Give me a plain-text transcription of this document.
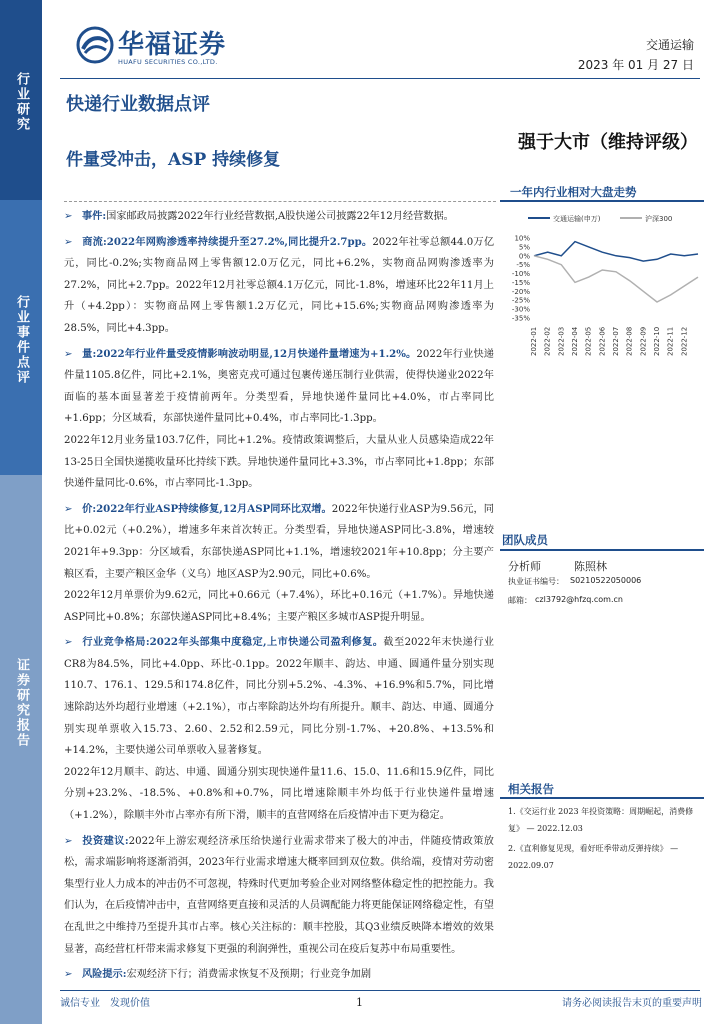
行业研究
行业事件点评
证券研究报告
华福证券
HUAFU SECURITIES CO.,LTD.
交通运输
2023 年 01 月 27 日
快递行业数据点评
件量受冲击，ASP 持续修复
强于大市（维持评级）
一年内行业相对大盘走势
交通运输(申万)	沪深300
10%
5%
0%
-5%
-10%
-15%
-20%
-25%
-30%
-35%
2022-01 2022-02 2022-03 2022-04 2022-05 2022-06 2022-07 2022-08 2022-09 2022-10 2022-11 2022-12
团队成员
分析师	陈照林
执业证书编号： S0210522050006
邮箱： czl3792@hfzq.com.cn
相关报告
1.《交运行业 2023 年投资策略：周期崛起，消费修复》 — 2022.12.03
2.《直利修复见现，看好旺季带动反弹持续》 — 2022.09.07

➢ 事件:国家邮政局披露2022年行业经营数据,A股快递公司披露22年12月经营数据。

➢ 商流:2022年网购渗透率持续提升至27.2%,同比提升2.7pp。2022年社零总额44.0万亿元，同比-0.2%;实物商品网上零售额12.0万亿元，同比+6.2%，实物商品网购渗透率为27.2%，同比+2.7pp。2022年12月社零总额4.1万亿元，同比-1.8%，增速环比22年11月上升（+4.2pp）：实物商品网上零售额1.2万亿元，同比+15.6%;实物商品网购渗透率为28.5%，同比+4.3pp。

➢ 量:2022年行业件量受疫情影响波动明显,12月快递件量增速为+1.2%。2022年行业快递件量1105.8亿件，同比+2.1%，奥密克戎可通过包裹传递压制行业供需，使得快递业2022年面临的基本面显著差于疫情前两年。分类型看，异地快递件量同比+4.0%，市占率同比+1.6pp；分区域看，东部快递件量同比+0.4%，市占率同比-1.3pp。

2022年12月业务量103.7亿件，同比+1.2%。疫情政策调整后，大量从业人员感染造成22年13-25日全国快递揽收量环比持续下跌。异地快递件量同比+3.3%，市占率同比+1.8pp；东部快递件量同比-0.6%，市占率同比-1.3pp。

➢ 价:2022年行业ASP持续修复,12月ASP同环比双增。2022年快递行业ASP为9.56元，同比+0.02元（+0.2%），增速多年来首次转正。分类型看，异地快递ASP同比-3.8%，增速较2021年+9.3pp：分区域看，东部快递ASP同比+1.1%，增速较2021年+10.8pp；分主要产粮区看，主要产粮区金华（义乌）地区ASP为2.90元，同比+0.6%。

2022年12月单票价为9.62元，同比+0.66元（+7.4%），环比+0.16元（+1.7%）。异地快递ASP同比+0.8%；东部快递ASP同比+8.4%；主要产粮区多城市ASP提升明显。

➢ 行业竞争格局:2022年头部集中度稳定,上市快递公司盈利修复。截至2022年末快递行业CR8为84.5%，同比+4.0pp、环比-0.1pp。2022年顺丰、韵达、申通、圆通件量分别实现110.7、176.1、129.5和174.8亿件，同比分别+5.2%、-4.3%、+16.9%和5.7%，同比增速除韵达外均超行业增速（+2.1%），市占率除韵达外均有所提升。顺丰、韵达、申通、圆通分别实现单票收入15.73、2.60、2.52和2.59元，同比分别-1.7%、+20.8%、+13.5%和+14.2%，主要快递公司单票收入显著修复。

2022年12月顺丰、韵达、申通、圆通分别实现快递件量11.6、15.0、11.6和15.9亿件，同比分别+23.2%、-18.5%、+0.8%和+0.7%，同比增速除顺丰外均低于行业快递件量增速（+1.2%），除顺丰外市占率亦有所下滑，顺丰的直营网络在后疫情冲击下更为稳定。

➢ 投资建议:2022年上游宏观经济承压给快递行业需求带来了极大的冲击，伴随疫情政策放松，需求端影响将逐渐消弭，2023年行业需求增速大概率回到双位数。供给端，疫情对劳动密集型行业人力成本的冲击仍不可忽视，特殊时代更加考验企业对网络整体稳定性的把控能力。我们认为，在后疫情冲击中，直营网络更直接和灵活的人员调配能力将更能保证网络稳定性，有望在乱世之中维持乃至提升其市占率。核心关注标的：顺丰控股，其Q3业绩反映降本增效的效果显著，高经营杠杆带来需求修复下更强的利润弹性，重视公司在疫后复苏中布局重要性。

➢ 风险提示:宏观经济下行；消费需求恢复不及预期；行业竞争加剧

诚信专业　发现价值	1	请务必阅读报告末页的重要声明
